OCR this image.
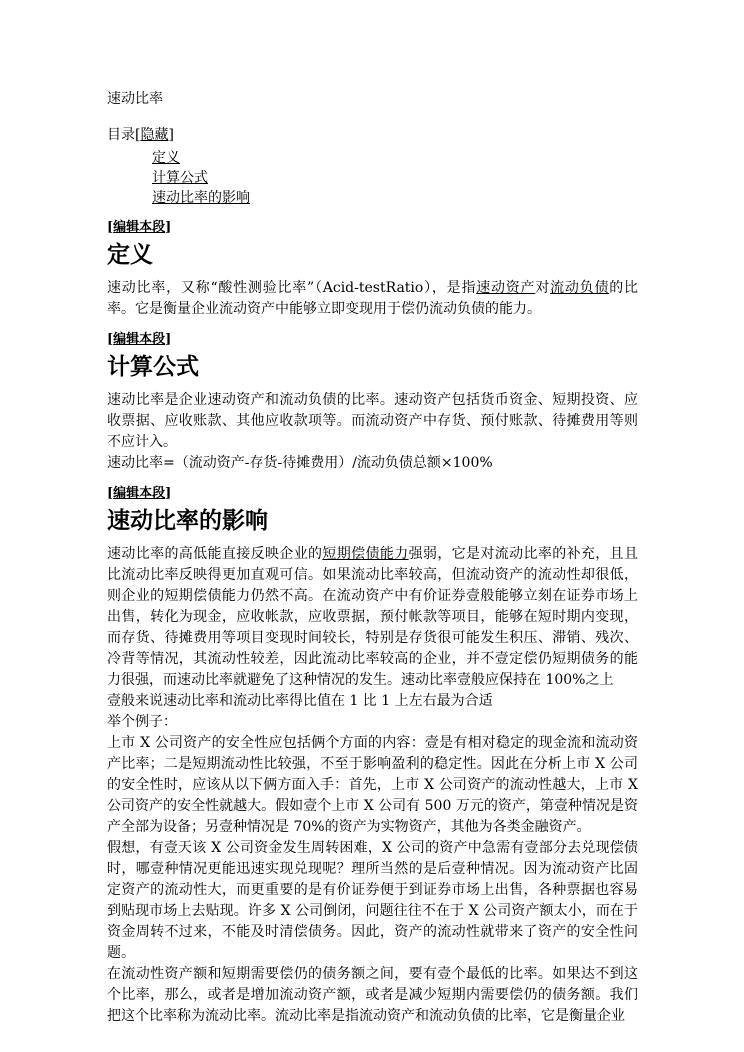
速动比率
目录[隐藏]
定义
计算公式
速动比率的影响
[编辑本段]
定义

速动比率，又称“酸性测验比率”（Acid-testRatio），是指速动资产对流动负债的比率。它是衡量企业流动资产中能够立即变现用于偿仍流动负债的能力。

[编辑本段]
计算公式

速动比率是企业速动资产和流动负债的比率。速动资产包括货币资金、短期投资、应收票据、应收账款、其他应收款项等。而流动资产中存货、预付账款、待摊费用等则不应计入。

速动比率=（流动资产-存货-待摊费用）/流动负债总额×100%

[编辑本段]
速动比率的影响

速动比率的高低能直接反映企业的短期偿债能力强弱，它是对流动比率的补充，且且比流动比率反映得更加直观可信。如果流动比率较高，但流动资产的流动性却很低，则企业的短期偿债能力仍然不高。在流动资产中有价证券壹般能够立刻在证券市场上出售，转化为现金，应收帐款，应收票据，预付帐款等项目，能够在短时期内变现，而存货、待摊费用等项目变现时间较长，特别是存货很可能发生积压、滞销、残次、冷背等情况，其流动性较差，因此流动比率较高的企业，并不壹定偿仍短期债务的能力很强，而速动比率就避免了这种情况的发生。速动比率壹般应保持在 100%之上

壹般来说速动比率和流动比率得比值在 1 比 1 上左右最为合适

举个例子：

上市 X 公司资产的安全性应包括俩个方面的内容：壹是有相对稳定的现金流和流动资产比率；二是短期流动性比较强，不至于影响盈利的稳定性。因此在分析上市 X 公司的安全性时，应该从以下俩方面入手：首先，上市 X 公司资产的流动性越大，上市 X 公司资产的安全性就越大。假如壹个上市 X 公司有 500 万元的资产，第壹种情况是资产全部为设备；另壹种情况是 70%的资产为实物资产，其他为各类金融资产。

假想，有壹天该 X 公司资金发生周转困难，X 公司的资产中急需有壹部分去兑现偿债时，哪壹种情况更能迅速实现兑现呢？理所当然的是后壹种情况。因为流动资产比固定资产的流动性大，而更重要的是有价证券便于到证券市场上出售，各种票据也容易到贴现市场上去贴现。许多 X 公司倒闭，问题往往不在于 X 公司资产额太小，而在于资金周转不过来，不能及时清偿债务。因此，资产的流动性就带来了资产的安全性问题。

在流动性资产额和短期需要偿仍的债务额之间，要有壹个最低的比率。如果达不到这个比率，那么，或者是增加流动资产额，或者是减少短期内需要偿仍的债务额。我们把这个比率称为流动比率。流动比率是指流动资产和流动负债的比率，它是衡量企业
